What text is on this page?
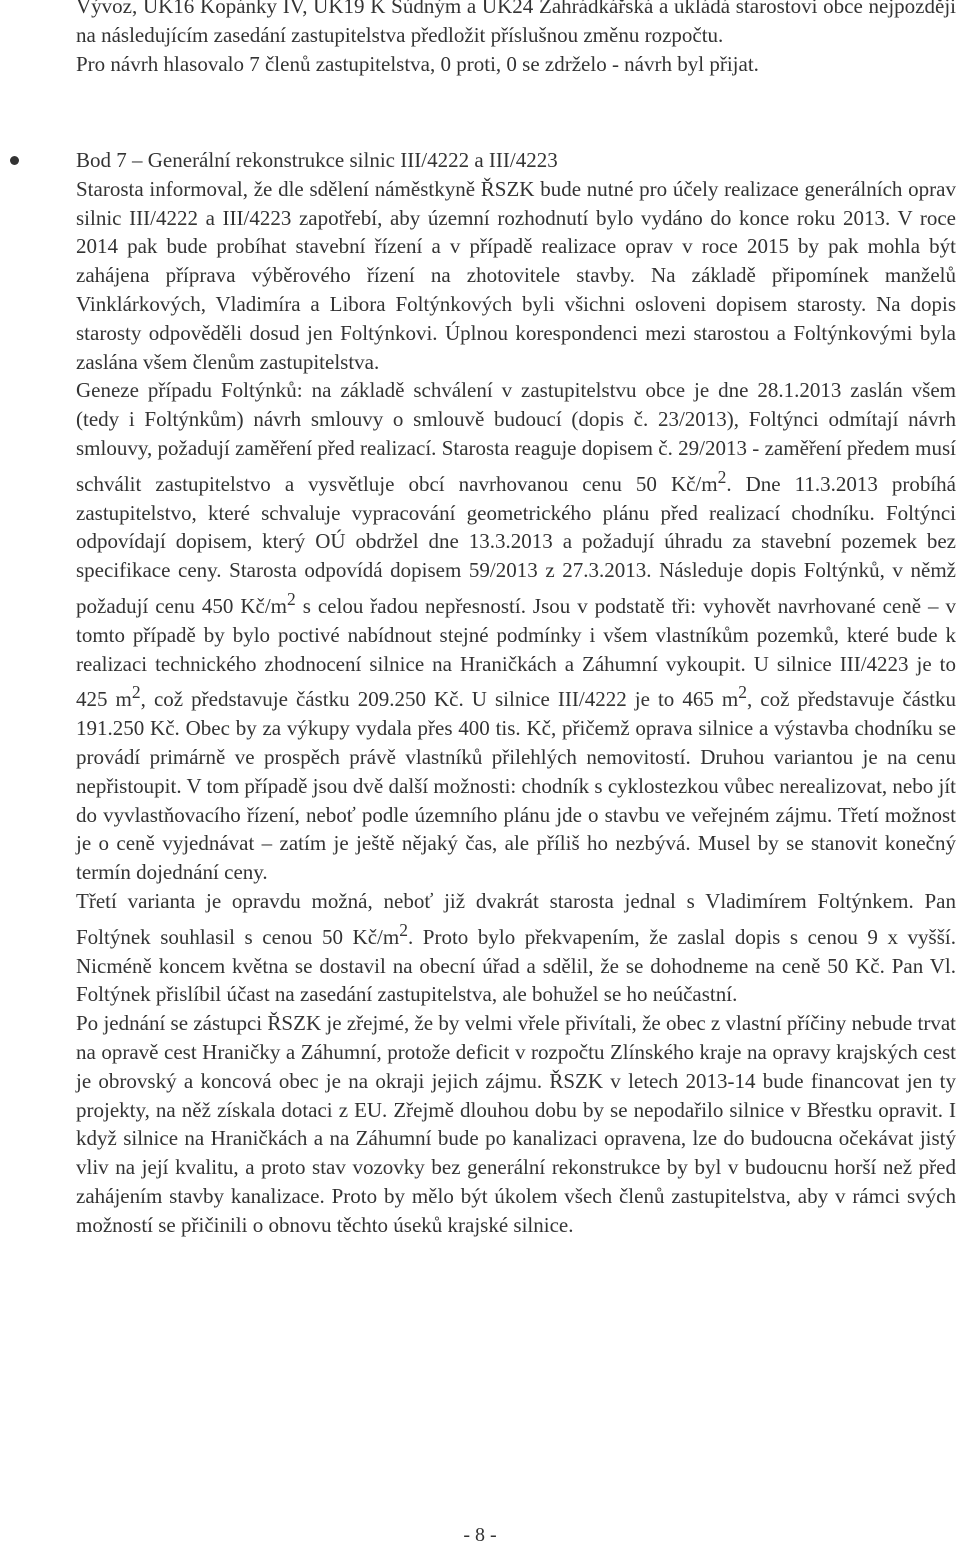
Vývoz, UK16 Kopánky IV, UK19 K Súdným a UK24 Zahrádkářská a ukládá starostovi obce nejpozději na následujícím zasedání zastupitelstva předložit příslušnou změnu rozpočtu.

Pro návrh hlasovalo 7 členů zastupitelstva, 0 proti, 0 se zdrželo - návrh byl přijat.

Bod 7 – Generální rekonstrukce silnic III/4222 a III/4223

Starosta informoval, že dle sdělení náměstkyně ŘSZK bude nutné pro účely realizace generálních oprav silnic III/4222 a III/4223 zapotřebí, aby územní rozhodnutí bylo vydáno do konce roku 2013. V roce 2014 pak bude probíhat stavební řízení a v případě realizace oprav v roce 2015 by pak mohla být zahájena příprava výběrového řízení na zhotovitele stavby. Na základě připomínek manželů Vinklárkových, Vladimíra a Libora Foltýnkových byli všichni osloveni dopisem starosty. Na dopis starosty odpověděli dosud jen Foltýnkovi. Úplnou korespondenci mezi starostou a Foltýnkovými byla zaslána všem členům zastupitelstva.

Geneze případu Foltýnků: na základě schválení v zastupitelstvu obce je dne 28.1.2013 zaslán všem (tedy i Foltýnkům) návrh smlouvy o smlouvě budoucí (dopis č. 23/2013), Foltýnci odmítají návrh smlouvy, požadují zaměření před realizací. Starosta reaguje dopisem č. 29/2013 - zaměření předem musí schválit zastupitelstvo a vysvětluje obcí navrhovanou cenu 50 $Kč/m^2$. Dne 11.3.2013 probíhá zastupitelstvo, které schvaluje vypracování geometrického plánu před realizací chodníku. Foltýnci odpovídají dopisem, který OÚ obdržel dne 13.3.2013 a požadují úhradu za stavební pozemek bez specifikace ceny. Starosta odpovídá dopisem 59/2013 z 27.3.2013. Následuje dopis Foltýnků, v němž požadují cenu 450 $Kč/m^2$ s celou řadou nepřesností. Jsou v podstatě tři: vyhovět navrhované ceně – v tomto případě by bylo poctivé nabídnout stejné podmínky i všem vlastníkům pozemků, které bude k realizaci technického zhodnocení silnice na Hraničkách a Záhumní vykoupit. U silnice III/4223 je to 425 $m^2$, což představuje částku 209.250 Kč. U silnice III/4222 je to 465 $m^2$, což představuje částku 191.250 Kč. Obec by za výkupy vydala přes 400 tis. Kč, přičemž oprava silnice a výstavba chodníku se provádí primárně ve prospěch právě vlastníků přilehlých nemovitostí. Druhou variantou je na cenu nepřistoupit. V tom případě jsou dvě další možnosti: chodník s cyklostezkou vůbec nerealizovat, nebo jít do vyvlastňovacího řízení, neboť podle územního plánu jde o stavbu ve veřejném zájmu. Třetí možnost je o ceně vyjednávat – zatím je ještě nějaký čas, ale příliš ho nezbývá. Musel by se stanovit konečný termín dojednání ceny.

Třetí varianta je opravdu možná, neboť již dvakrát starosta jednal s Vladimírem Foltýnkem. Pan Foltýnek souhlasil s cenou 50 $Kč/m^2$. Proto bylo překvapením, že zaslal dopis s cenou 9 x vyšší. Nicméně koncem května se dostavil na obecní úřad a sdělil, že se dohodneme na ceně 50 Kč. Pan Vl. Foltýnek přislíbil účast na zasedání zastupitelstva, ale bohužel se ho neúčastní.

Po jednání se zástupci ŘSZK je zřejmé, že by velmi vřele přivítali, že obec z vlastní příčiny nebude trvat na opravě cest Hraničky a Záhumní, protože deficit v rozpočtu Zlínského kraje na opravy krajských cest je obrovský a koncová obec je na okraji jejich zájmu. ŘSZK v letech 2013-14 bude financovat jen ty projekty, na něž získala dotaci z EU. Zřejmě dlouhou dobu by se nepodařilo silnice v Břestku opravit. I když silnice na Hraničkách a na Záhumní bude po kanalizaci opravena, lze do budoucna očekávat jistý vliv na její kvalitu, a proto stav vozovky bez generální rekonstrukce by byl v budoucnu horší než před zahájením stavby kanalizace. Proto by mělo být úkolem všech členů zastupitelstva, aby v rámci svých možností se přičinili o obnovu těchto úseků krajské silnice.

- 8 -
